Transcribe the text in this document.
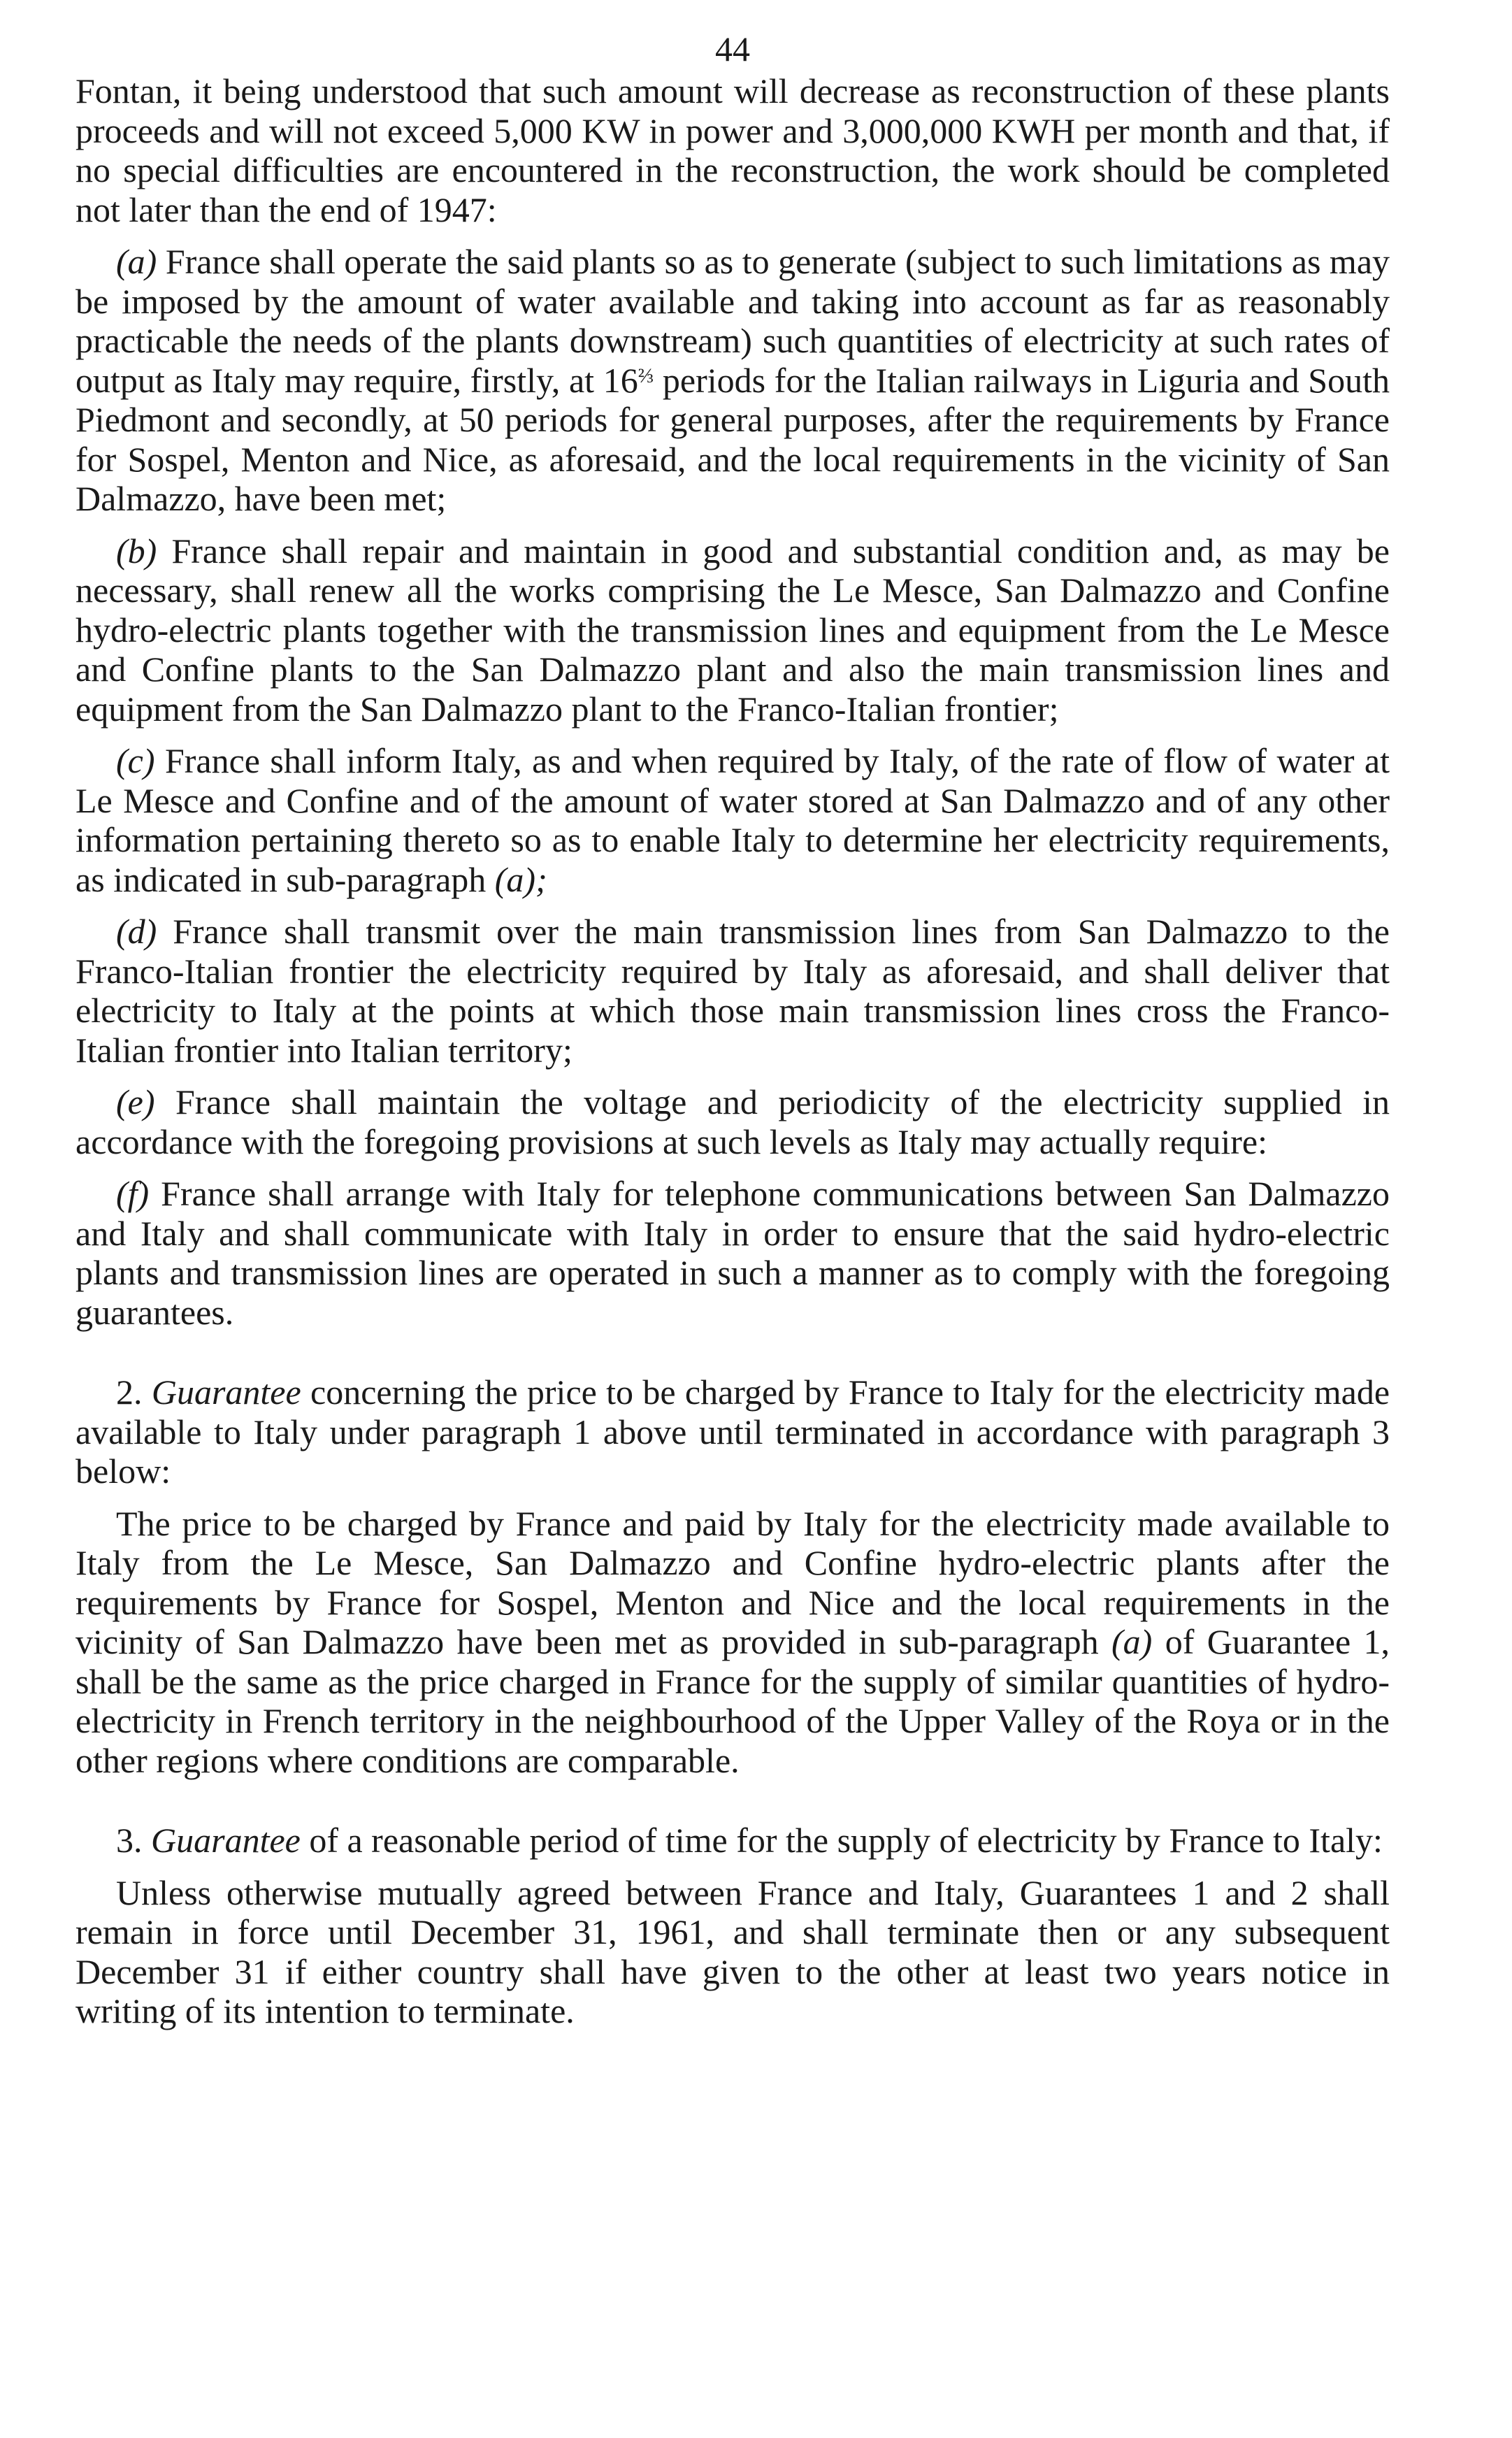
44

Fontan, it being understood that such amount will decrease as reconstruction of these plants proceeds and will not exceed 5,000 KW in power and 3,000,000 KWH per month and that, if no special difficulties are encountered in the reconstruction, the work should be completed not later than the end of 1947:

(a) France shall operate the said plants so as to generate (subject to such limitations as may be imposed by the amount of water available and taking into account as far as reasonably practicable the needs of the plants downstream) such quantities of electricity at such rates of output as Italy may require, firstly, at $16^{\frac{2}{3}}$ periods for the Italian railways in Liguria and South Piedmont and secondly, at 50 periods for general purposes, after the requirements by France for Sospel, Menton and Nice, as aforesaid, and the local requirements in the vicinity of San Dalmazzo, have been met;

(b) France shall repair and maintain in good and substantial condition and, as may be necessary, shall renew all the works comprising the Le Mesce, San Dalmazzo and Confine hydro-electric plants together with the transmission lines and equipment from the Le Mesce and Confine plants to the San Dalmazzo plant and also the main transmission lines and equipment from the San Dalmazzo plant to the Franco-Italian frontier;

(c) France shall inform Italy, as and when required by Italy, of the rate of flow of water at Le Mesce and Confine and of the amount of water stored at San Dalmazzo and of any other information pertaining thereto so as to enable Italy to determine her electricity requirements, as indicated in sub-paragraph (a);

(d) France shall transmit over the main transmission lines from San Dalmazzo to the Franco-Italian frontier the electricity required by Italy as aforesaid, and shall deliver that electricity to Italy at the points at which those main transmission lines cross the Franco-Italian frontier into Italian territory;

(e) France shall maintain the voltage and periodicity of the electricity supplied in accordance with the foregoing provisions at such levels as Italy may actually require:

(f) France shall arrange with Italy for telephone communications between San Dalmazzo and Italy and shall communicate with Italy in order to ensure that the said hydro-electric plants and transmission lines are operated in such a manner as to comply with the foregoing guarantees.

2. Guarantee concerning the price to be charged by France to Italy for the electricity made available to Italy under paragraph 1 above until terminated in accordance with paragraph 3 below:

The price to be charged by France and paid by Italy for the electricity made available to Italy from the Le Mesce, San Dalmazzo and Confine hydro-electric plants after the requirements by France for Sospel, Menton and Nice and the local requirements in the vicinity of San Dalmazzo have been met as provided in sub-paragraph (a) of Guarantee 1, shall be the same as the price charged in France for the supply of similar quantities of hydroelectricity in French territory in the neighbourhood of the Upper Valley of the Roya or in the other regions where conditions are comparable.

3. Guarantee of a reasonable period of time for the supply of electricity by France to Italy:

Unless otherwise mutually agreed between France and Italy, Guarantees 1 and 2 shall remain in force until December 31, 1961, and shall terminate then or any subsequent December 31 if either country shall have given to the other at least two years notice in writing of its intention to terminate.
